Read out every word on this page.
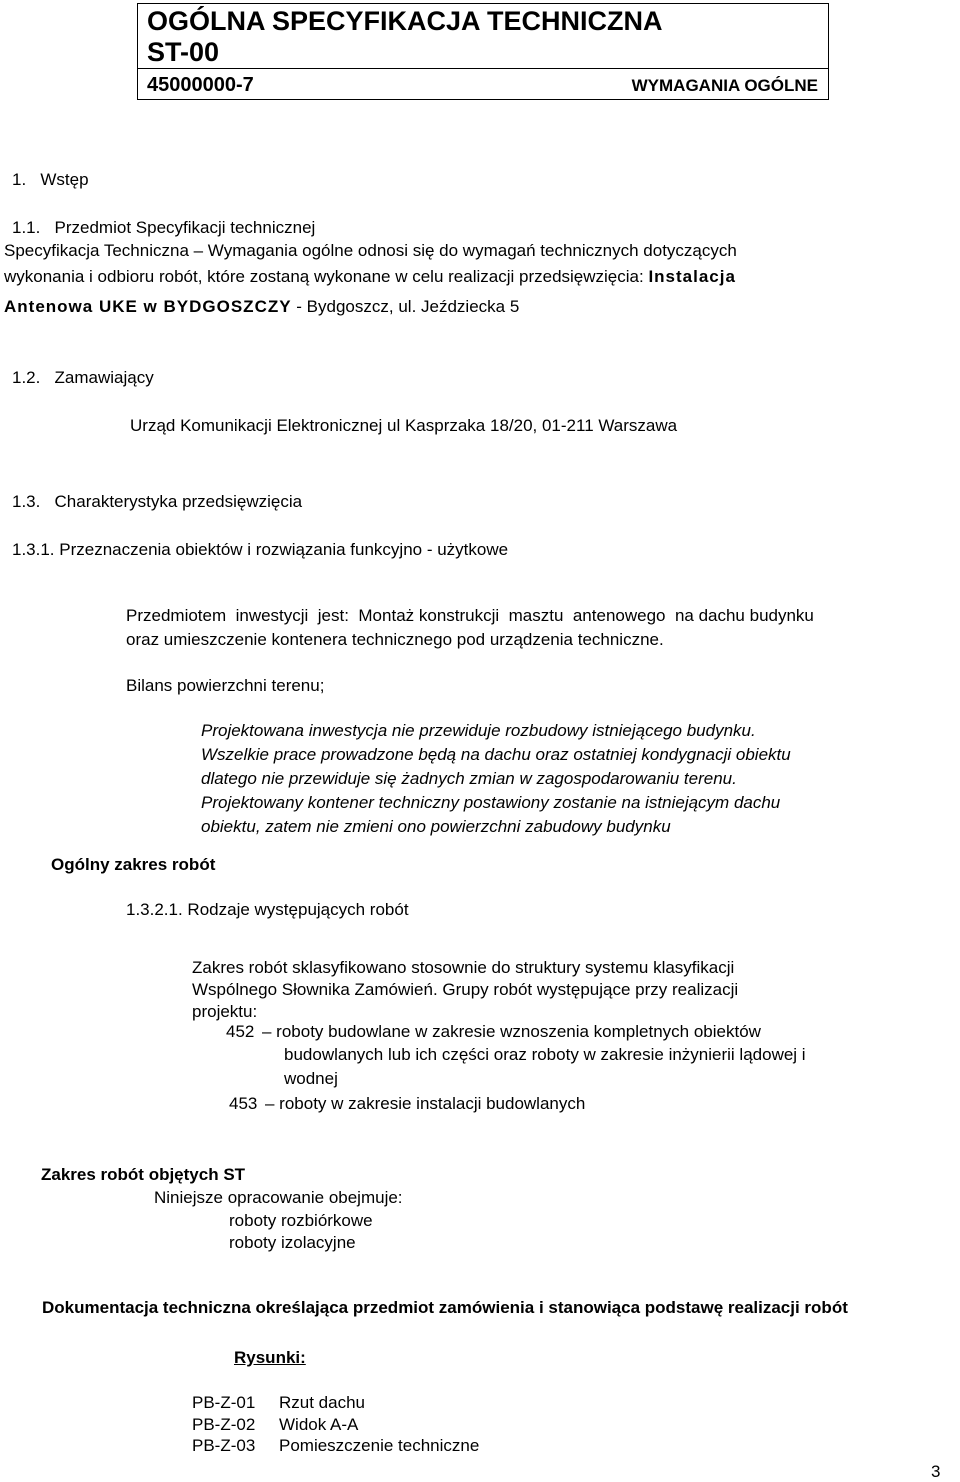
OGÓLNA SPECYFIKACJA TECHNICZNA
ST-00
45000000-7	WYMAGANIA OGÓLNE
1.   Wstęp
1.1.   Przedmiot Specyfikacji technicznej
Specyfikacja Techniczna – Wymagania ogólne odnosi się do wymagań technicznych dotyczących
wykonania i odbioru robót, które zostaną wykonane w celu realizacji przedsięwzięcia: Instalacja
Antenowa UKE w BYDGOSZCZY - Bydgoszcz, ul. Jeździecka 5
1.2.   Zamawiający
Urząd Komunikacji Elektronicznej ul Kasprzaka 18/20, 01-211 Warszawa
1.3.   Charakterystyka przedsięwzięcia
1.3.1. Przeznaczenia obiektów i rozwiązania funkcyjno - użytkowe
Przedmiotem  inwestycji  jest:  Montaż konstrukcji  masztu  antenowego  na dachu budynku
oraz umieszczenie kontenera technicznego pod urządzenia techniczne.
Bilans powierzchni terenu;
Projektowana inwestycja nie przewiduje rozbudowy istniejącego budynku.
Wszelkie prace prowadzone będą na dachu oraz ostatniej kondygnacji obiektu
dlatego nie przewiduje się żadnych zmian w zagospodarowaniu terenu.
Projektowany kontener techniczny postawiony zostanie na istniejącym dachu
obiektu, zatem nie zmieni ono powierzchni zabudowy budynku
Ogólny zakres robót
1.3.2.1. Rodzaje występujących robót
Zakres robót sklasyfikowano stosownie do struktury systemu klasyfikacji
Wspólnego Słownika Zamówień. Grupy robót występujące przy realizacji
projektu:
452 – roboty budowlane w zakresie wznoszenia kompletnych obiektów
budowlanych lub ich części oraz roboty w zakresie inżynierii lądowej i
wodnej
453 – roboty w zakresie instalacji budowlanych
Zakres robót objętych ST
Niniejsze opracowanie obejmuje:
roboty rozbiórkowe
roboty izolacyjne
Dokumentacja techniczna określająca przedmiot zamówienia i stanowiąca podstawę realizacji robót
Rysunki:
PB-Z-01 Rzut dachu
PB-Z-02 Widok A-A
PB-Z-03 Pomieszczenie techniczne
3
